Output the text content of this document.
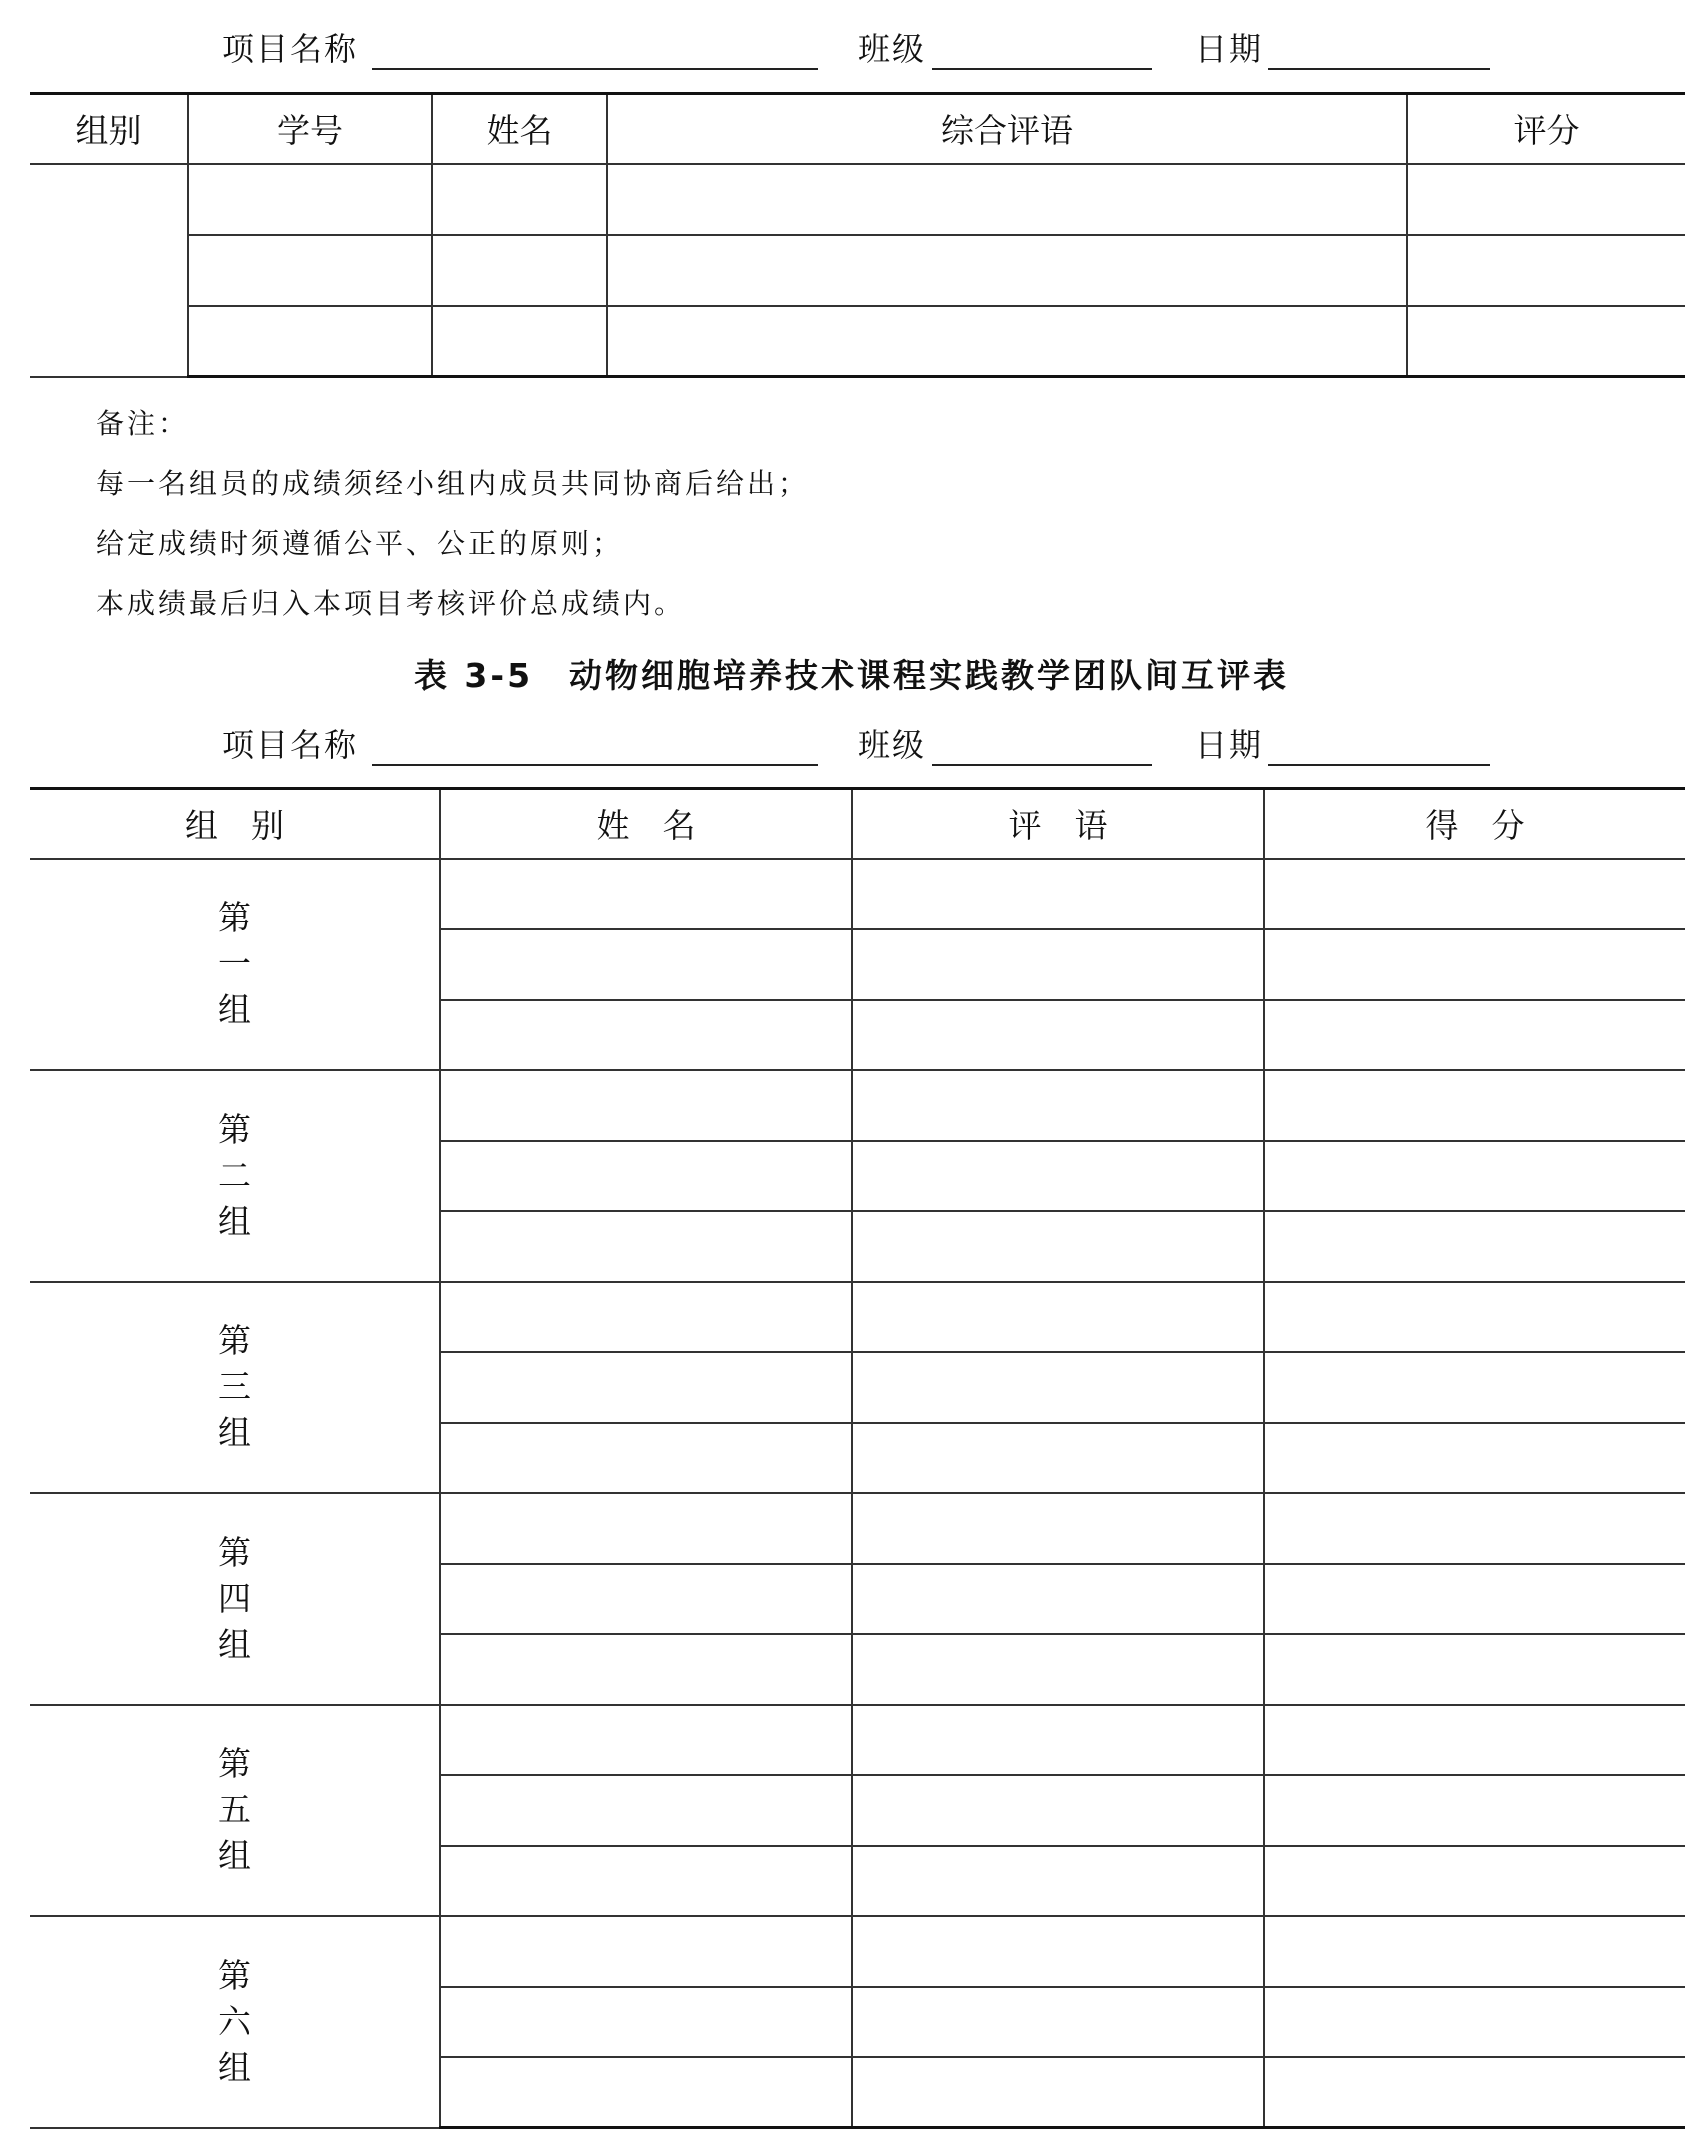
项目名称	班级	日期
组别	学号	姓名	综合评语	评分

备注：
每一名组员的成绩须经小组内成员共同协商后给出；
给定成绩时须遵循公平、公正的原则；
本成绩最后归入本项目考核评价总成绩内。
表 3-5　动物细胞培养技术课程实践教学团队间互评表
项目名称	班级	日期
组　别	姓　名	评　语	得　分

第
一
组			

第
二
组			

第
三
组			

第
四
组			

第
五
组			

第
六
组			
